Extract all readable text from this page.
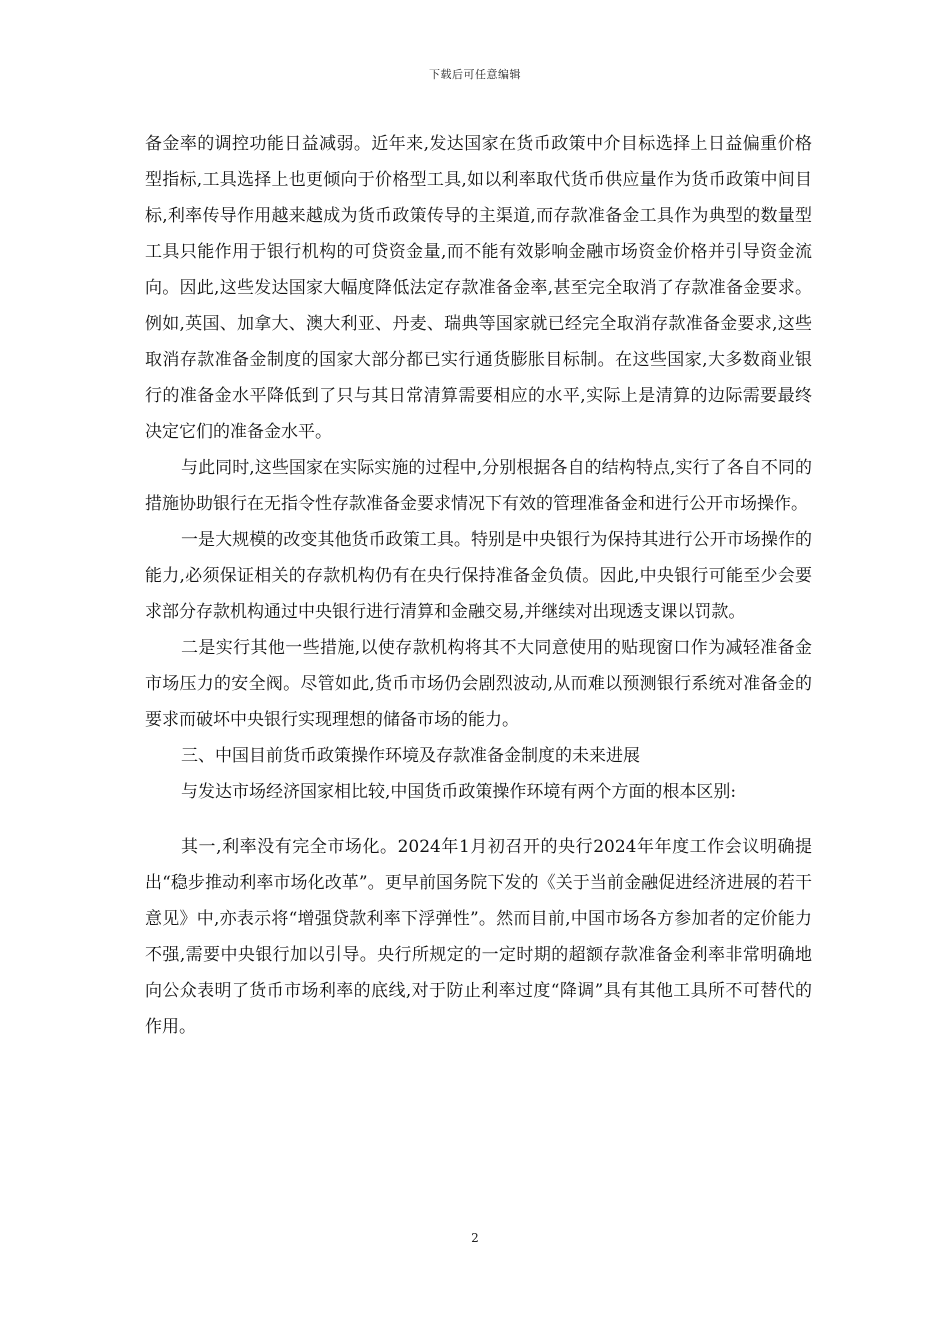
下载后可任意编辑

备金率的调控功能日益减弱。近年来,发达国家在货币政策中介目标选择上日益偏重价格型指标,工具选择上也更倾向于价格型工具,如以利率取代货币供应量作为货币政策中间目标,利率传导作用越来越成为货币政策传导的主渠道,而存款准备金工具作为典型的数量型工具只能作用于银行机构的可贷资金量,而不能有效影响金融市场资金价格并引导资金流向。因此,这些发达国家大幅度降低法定存款准备金率,甚至完全取消了存款准备金要求。例如,英国、加拿大、澳大利亚、丹麦、瑞典等国家就已经完全取消存款准备金要求,这些取消存款准备金制度的国家大部分都已实行通货膨胀目标制。在这些国家,大多数商业银行的准备金水平降低到了只与其日常清算需要相应的水平,实际上是清算的边际需要最终决定它们的准备金水平。

与此同时,这些国家在实际实施的过程中,分别根据各自的结构特点,实行了各自不同的措施协助银行在无指令性存款准备金要求情况下有效的管理准备金和进行公开市场操作。

一是大规模的改变其他货币政策工具。特别是中央银行为保持其进行公开市场操作的能力,必须保证相关的存款机构仍有在央行保持准备金负债。因此,中央银行可能至少会要求部分存款机构通过中央银行进行清算和金融交易,并继续对出现透支课以罚款。

二是实行其他一些措施,以使存款机构将其不大同意使用的贴现窗口作为减轻准备金市场压力的安全阀。尽管如此,货币市场仍会剧烈波动,从而难以预测银行系统对准备金的要求而破坏中央银行实现理想的储备市场的能力。

三、中国目前货币政策操作环境及存款准备金制度的未来进展

与发达市场经济国家相比较,中国货币政策操作环境有两个方面的根本区别:

其一,利率没有完全市场化。2024年1月初召开的央行2024年年度工作会议明确提出“稳步推动利率市场化改革”。更早前国务院下发的《关于当前金融促进经济进展的若干意见》中,亦表示将“增强贷款利率下浮弹性”。然而目前,中国市场各方参加者的定价能力不强,需要中央银行加以引导。央行所规定的一定时期的超额存款准备金利率非常明确地向公众表明了货币市场利率的底线,对于防止利率过度“降调”具有其他工具所不可替代的作用。

2
